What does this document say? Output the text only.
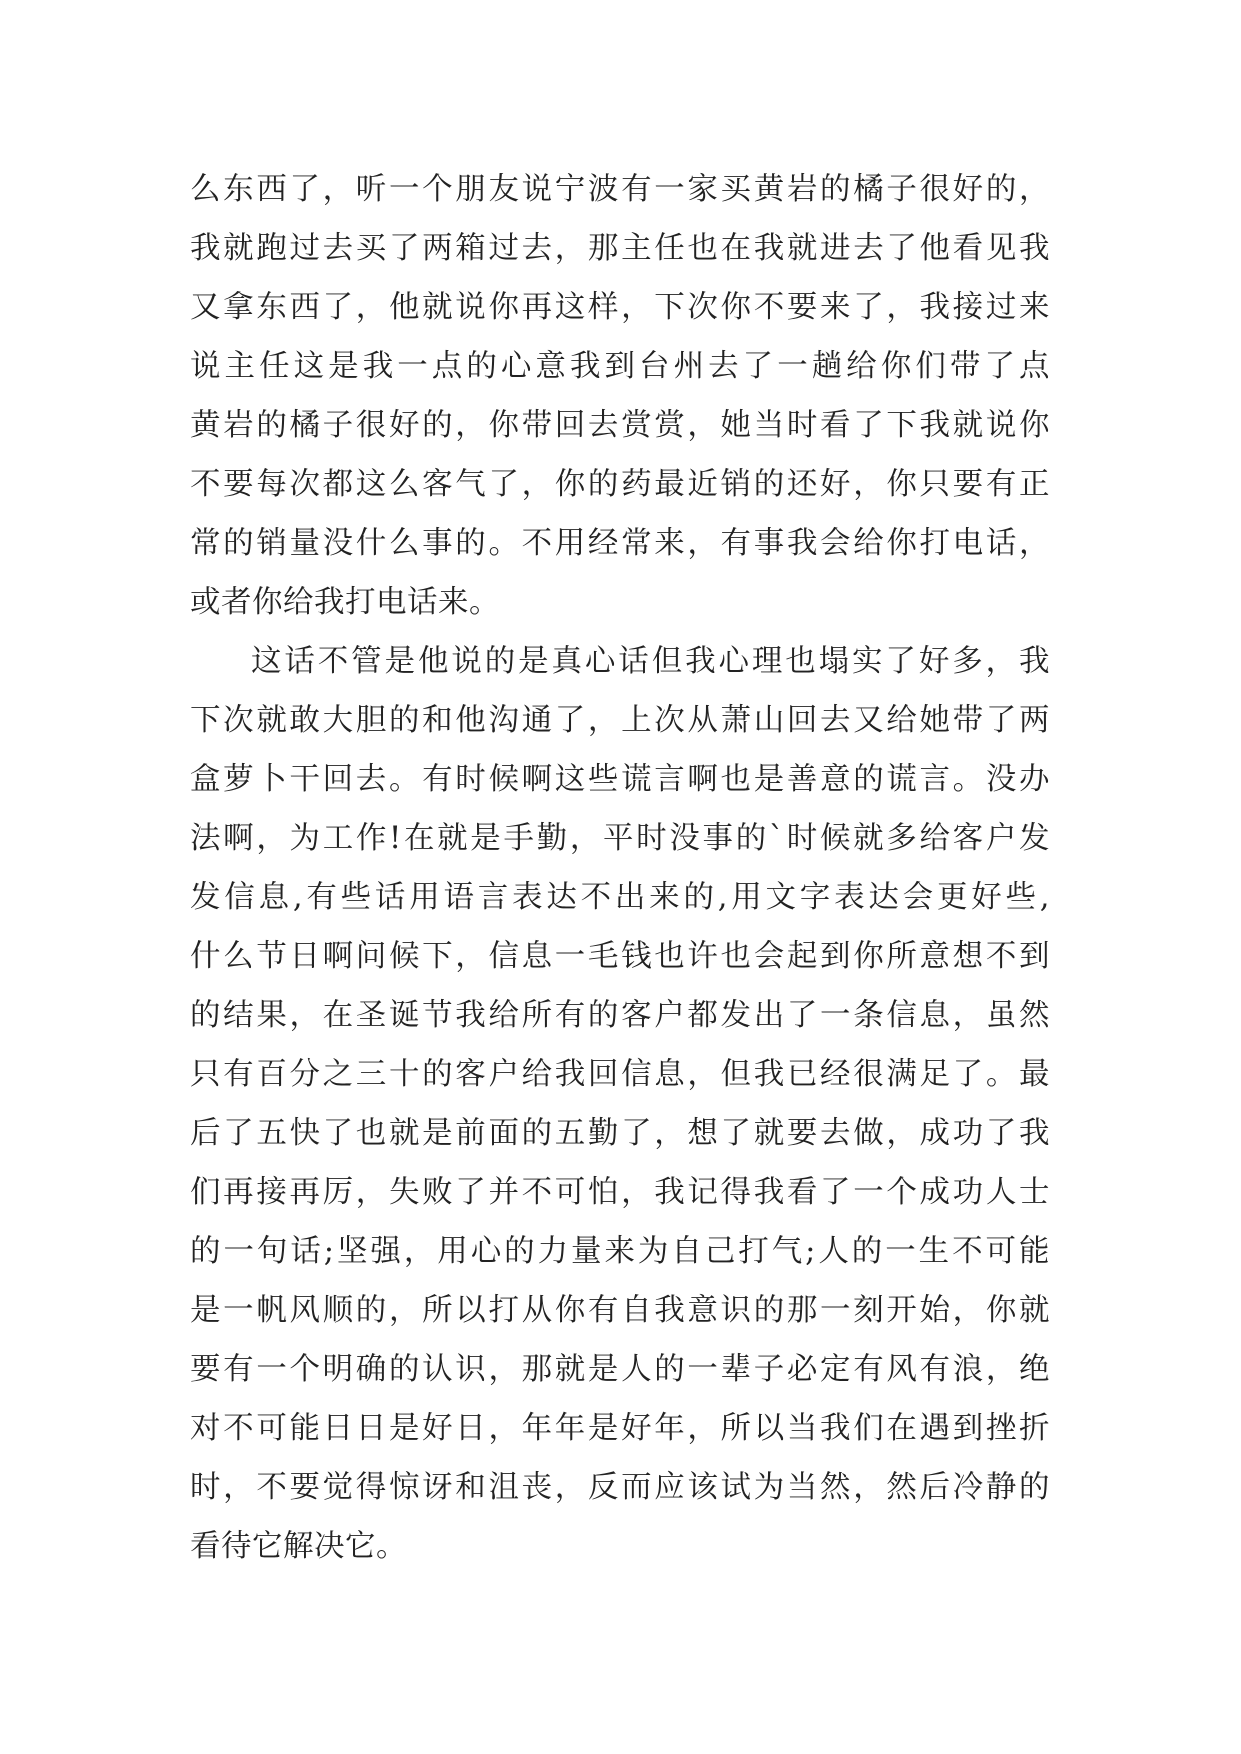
么东西了，听一个朋友说宁波有一家买黄岩的橘子很好的，
我就跑过去买了两箱过去，那主任也在我就进去了他看见我
又拿东西了，他就说你再这样，下次你不要来了，我接过来
说主任这是我一点的心意我到台州去了一趟给你们带了点
黄岩的橘子很好的，你带回去赏赏，她当时看了下我就说你
不要每次都这么客气了，你的药最近销的还好，你只要有正
常的销量没什么事的。不用经常来，有事我会给你打电话，
或者你给我打电话来。
这话不管是他说的是真心话但我心理也塌实了好多，我
下次就敢大胆的和他沟通了，上次从萧山回去又给她带了两
盒萝卜干回去。有时候啊这些谎言啊也是善意的谎言。没办
法啊，为工作!在就是手勤，平时没事的`时候就多给客户发
发信息,有些话用语言表达不出来的,用文字表达会更好些,
什么节日啊问候下，信息一毛钱也许也会起到你所意想不到
的结果，在圣诞节我给所有的客户都发出了一条信息，虽然
只有百分之三十的客户给我回信息，但我已经很满足了。最
后了五快了也就是前面的五勤了，想了就要去做，成功了我
们再接再厉，失败了并不可怕，我记得我看了一个成功人士
的一句话;坚强，用心的力量来为自己打气;人的一生不可能
是一帆风顺的，所以打从你有自我意识的那一刻开始，你就
要有一个明确的认识，那就是人的一辈子必定有风有浪，绝
对不可能日日是好日，年年是好年，所以当我们在遇到挫折
时，不要觉得惊讶和沮丧，反而应该试为当然，然后冷静的
看待它解决它。
